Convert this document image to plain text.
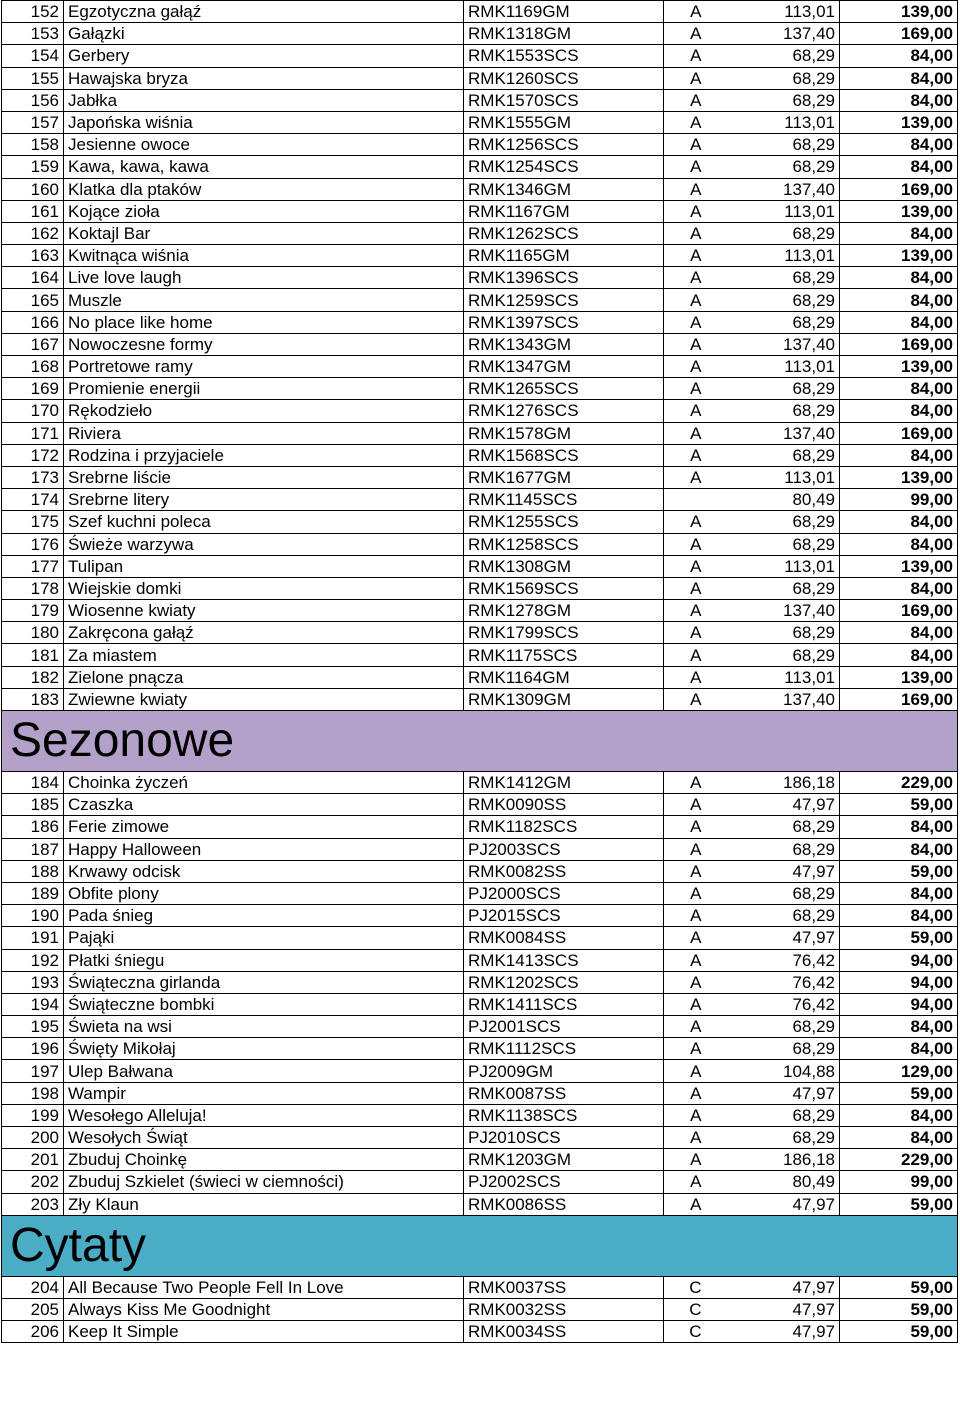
152	Egzotyczna gałąź	RMK1169GM	A	113,01	139,00
153	Gałązki	RMK1318GM	A	137,40	169,00
154	Gerbery	RMK1553SCS	A	68,29	84,00
155	Hawajska bryza	RMK1260SCS	A	68,29	84,00
156	Jabłka	RMK1570SCS	A	68,29	84,00
157	Japońska wiśnia	RMK1555GM	A	113,01	139,00
158	Jesienne owoce	RMK1256SCS	A	68,29	84,00
159	Kawa, kawa, kawa	RMK1254SCS	A	68,29	84,00
160	Klatka dla ptaków	RMK1346GM	A	137,40	169,00
161	Kojące zioła	RMK1167GM	A	113,01	139,00
162	Koktajl Bar	RMK1262SCS	A	68,29	84,00
163	Kwitnąca wiśnia	RMK1165GM	A	113,01	139,00
164	Live love laugh	RMK1396SCS	A	68,29	84,00
165	Muszle	RMK1259SCS	A	68,29	84,00
166	No place like home	RMK1397SCS	A	68,29	84,00
167	Nowoczesne formy	RMK1343GM	A	137,40	169,00
168	Portretowe ramy	RMK1347GM	A	113,01	139,00
169	Promienie energii	RMK1265SCS	A	68,29	84,00
170	Rękodzieło	RMK1276SCS	A	68,29	84,00
171	Riviera	RMK1578GM	A	137,40	169,00
172	Rodzina i przyjaciele	RMK1568SCS	A	68,29	84,00
173	Srebrne liście	RMK1677GM	A	113,01	139,00
174	Srebrne litery	RMK1145SCS		80,49	99,00
175	Szef kuchni poleca	RMK1255SCS	A	68,29	84,00
176	Świeże warzywa	RMK1258SCS	A	68,29	84,00
177	Tulipan	RMK1308GM	A	113,01	139,00
178	Wiejskie domki	RMK1569SCS	A	68,29	84,00
179	Wiosenne kwiaty	RMK1278GM	A	137,40	169,00
180	Zakręcona gałąź	RMK1799SCS	A	68,29	84,00
181	Za miastem	RMK1175SCS	A	68,29	84,00
182	Zielone pnącza	RMK1164GM	A	113,01	139,00
183	Zwiewne kwiaty	RMK1309GM	A	137,40	169,00
Sezonowe					
184	Choinka życzeń	RMK1412GM	A	186,18	229,00
185	Czaszka	RMK0090SS	A	47,97	59,00
186	Ferie zimowe	RMK1182SCS	A	68,29	84,00
187	Happy Halloween	PJ2003SCS	A	68,29	84,00
188	Krwawy odcisk	RMK0082SS	A	47,97	59,00
189	Obfite plony	PJ2000SCS	A	68,29	84,00
190	Pada śnieg	PJ2015SCS	A	68,29	84,00
191	Pająki	RMK0084SS	A	47,97	59,00
192	Płatki śniegu	RMK1413SCS	A	76,42	94,00
193	Świąteczna girlanda	RMK1202SCS	A	76,42	94,00
194	Świąteczne bombki	RMK1411SCS	A	76,42	94,00
195	Świeta na wsi	PJ2001SCS	A	68,29	84,00
196	Święty Mikołaj	RMK1112SCS	A	68,29	84,00
197	Ulep Bałwana	PJ2009GM	A	104,88	129,00
198	Wampir	RMK0087SS	A	47,97	59,00
199	Wesołego Alleluja!	RMK1138SCS	A	68,29	84,00
200	Wesołych Świąt	PJ2010SCS	A	68,29	84,00
201	Zbuduj Choinkę	RMK1203GM	A	186,18	229,00
202	Zbuduj Szkielet (świeci w ciemności)	PJ2002SCS	A	80,49	99,00
203	Zły Klaun	RMK0086SS	A	47,97	59,00
Cytaty					
204	All Because Two People Fell In Love	RMK0037SS	C	47,97	59,00
205	Always Kiss Me Goodnight	RMK0032SS	C	47,97	59,00
206	Keep It Simple	RMK0034SS	C	47,97	59,00
